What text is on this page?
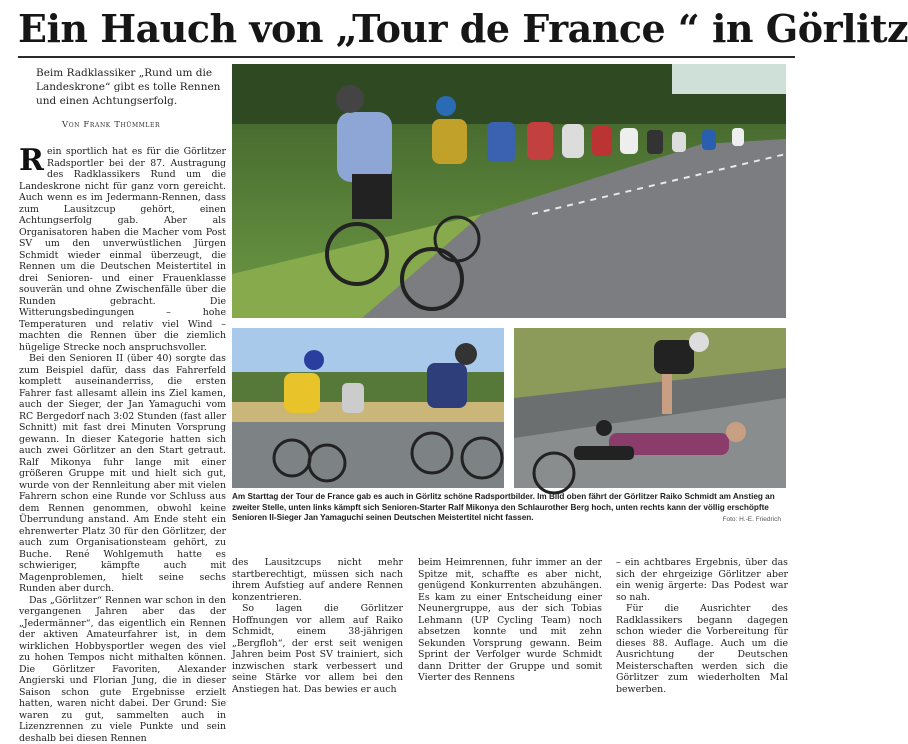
Ein Hauch von „Tour de France “ in Görlitz
Beim Radklassiker „Rund um die Landeskrone“ gibt es tolle Rennen und einen Achtungserfolg.
Von Frank Thümmler

Rein sportlich hat es für die Görlitzer Radsportler bei der 87. Austragung des Radklassikers Rund um die Landeskrone nicht für ganz vorn gereicht. Auch wenn es im Jedermann-Rennen, dass zum Lausitzcup gehört, einen Achtungserfolg gab. Aber als Organisatoren haben die Macher vom Post SV um den unverwüstlichen Jürgen Schmidt wieder einmal überzeugt, die Rennen um die Deutschen Meistertitel in drei Senioren- und einer Frauenklasse souverän und ohne Zwischenfälle über die Runden gebracht. Die Witterungsbedingungen – hohe Temperaturen und relativ viel Wind – machten die Rennen über die ziemlich hügelige Strecke noch anspruchsvoller.

Bei den Senioren II (über 40) sorgte das zum Beispiel dafür, dass das Fahrerfeld komplett auseinanderriss, die ersten Fahrer fast allesamt allein ins Ziel kamen, auch der Sieger, der Jan Yamaguchi vom RC Bergedorf nach 3:02 Stunden (fast aller Schnitt) mit fast drei Minuten Vorsprung gewann. In dieser Kategorie hatten sich auch zwei Görlitzer an den Start getraut. Ralf Mikonya fuhr lange mit einer größeren Gruppe mit und hielt sich gut, wurde von der Rennleitung aber mit vielen Fahrern schon eine Runde vor Schluss aus dem Rennen genommen, obwohl keine Überrundung anstand. Am Ende steht ein ehrenwerter Platz 30 für den Görlitzer, der auch zum Organisationsteam gehört, zu Buche. René Wohlgemuth hatte es schwieriger, kämpfte auch mit Magenproblemen, hielt seine sechs Runden aber durch.

Das „Görlitzer“ Rennen war schon in den vergangenen Jahren aber das der „Jedermänner“, das eigentlich ein Rennen der aktiven Amateurfahrer ist, in dem wirklichen Hobbysportler wegen des viel zu hohen Tempos nicht mithalten können. Die Görlitzer Favoriten, Alexander Angierski und Florian Jung, die in dieser Saison schon gute Ergebnisse erzielt hatten, waren nicht dabei. Der Grund: Sie waren zu gut, sammelten auch in Lizenzrennen zu viele Punkte und sein deshalb bei diesen Rennen

Am Starttag der Tour de France gab es auch in Görlitz schöne Radsportbilder. Im Bild oben fährt der Görlitzer Raiko Schmidt am Anstieg an zweiter Stelle, unten links kämpft sich Senioren-Starter Ralf Mikonya den Schlaurother Berg hoch, unten rechts kann der völlig erschöpfte Senioren II-Sieger Jan Yamaguchi seinen Deutschen Meistertitel nicht fassen.	Foto: H.-E. Friedrich

des Lausitzcups nicht mehr startberechtigt, müssen sich nach ihrem Aufstieg auf andere Rennen konzentrieren.

So lagen die Görlitzer Hoffnungen vor allem auf Raiko Schmidt, einem 38-jährigen „Bergfloh“, der erst seit wenigen Jahren beim Post SV trainiert, sich inzwischen stark verbessert und seine Stärke vor allem bei den Anstiegen hat. Das bewies er auch

beim Heimrennen, fuhr immer an der Spitze mit, schaffte es aber nicht, genügend Konkurrenten abzuhängen. Es kam zu einer Entscheidung einer Neunergruppe, aus der sich Tobias Lehmann (UP Cycling Team) noch absetzen konnte und mit zehn Sekunden Vorsprung gewann. Beim Sprint der Verfolger wurde Schmidt dann Dritter der Gruppe und somit Vierter des Rennens

– ein achtbares Ergebnis, über das sich der ehrgeizige Görlitzer aber ein wenig ärgerte: Das Podest war so nah.

Für die Ausrichter des Radklassikers begann dagegen schon wieder die Vorbereitung für dieses 88. Auflage. Auch um die Ausrichtung der Deutschen Meisterschaften werden sich die Görlitzer zum wiederholten Mal bewerben.
